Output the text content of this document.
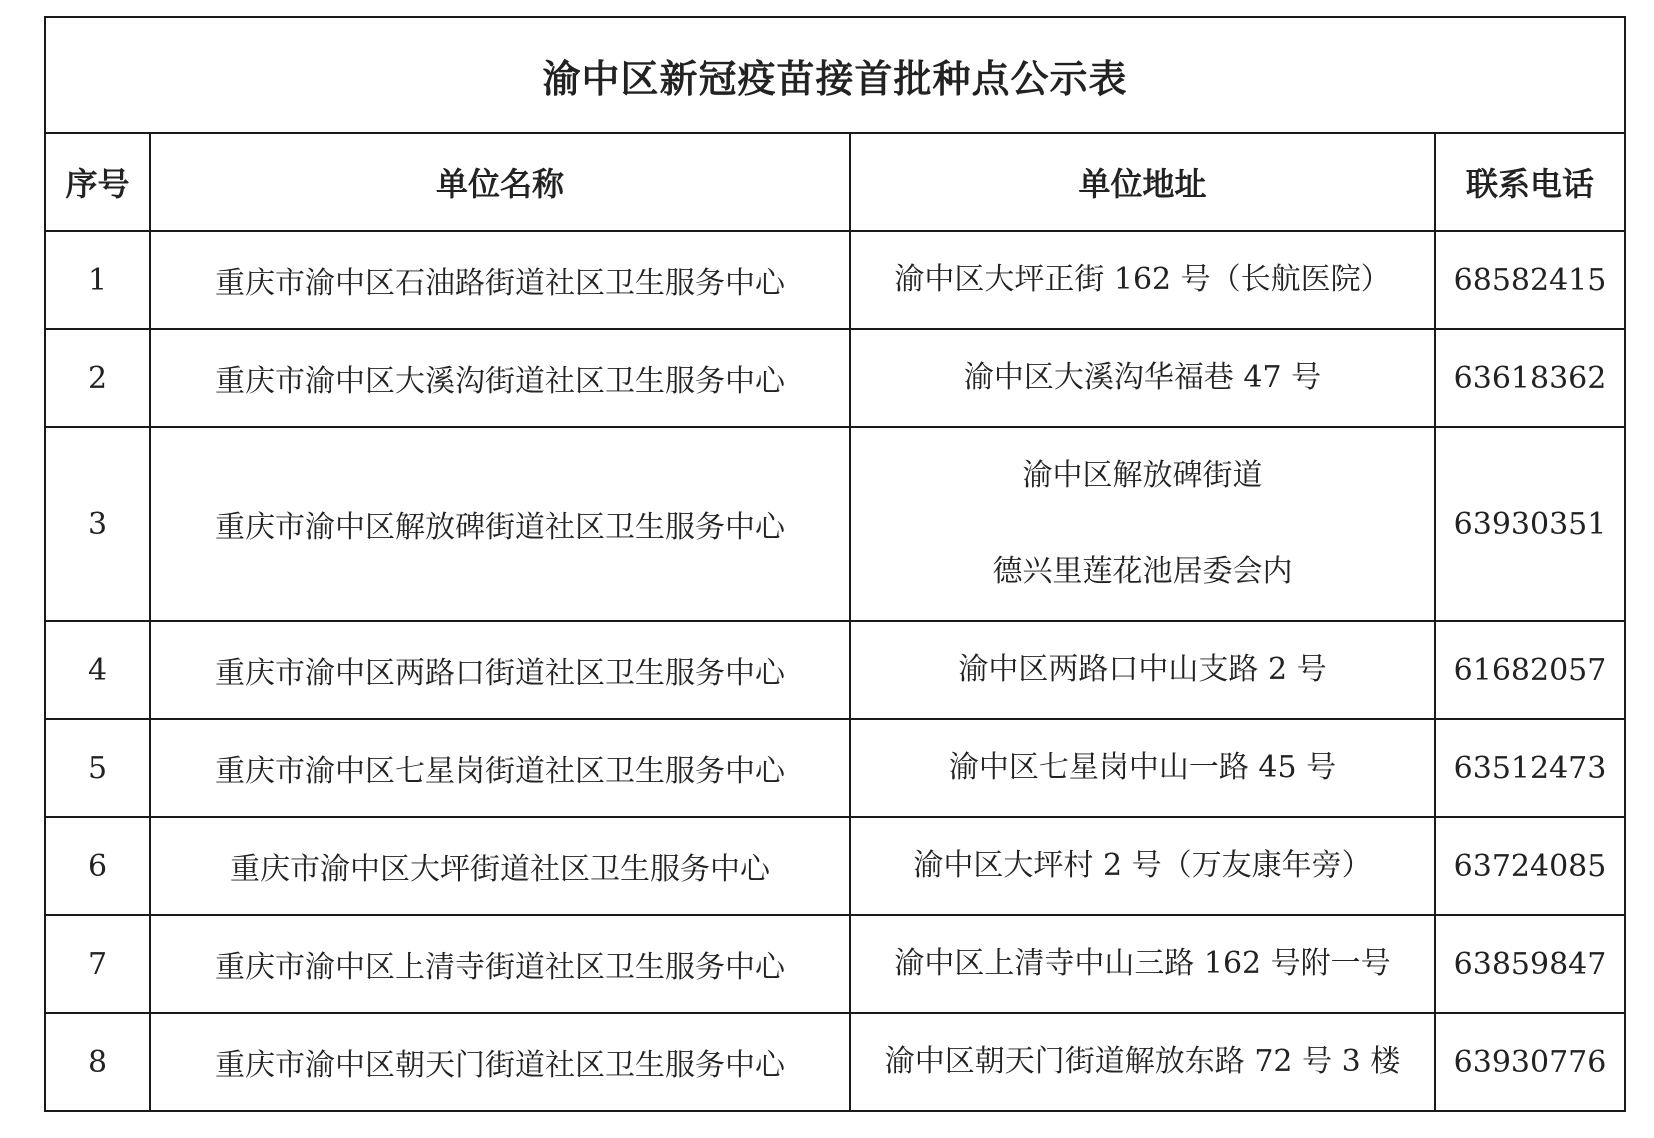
渝中区新冠疫苗接首批种点公示表			
序号	单位名称	单位地址	联系电话
1	重庆市渝中区石油路街道社区卫生服务中心	渝中区大坪正街 162 号（长航医院）	68582415
2	重庆市渝中区大溪沟街道社区卫生服务中心	渝中区大溪沟华福巷 47 号	63618362
3	重庆市渝中区解放碑街道社区卫生服务中心	渝中区解放碑街道
德兴里莲花池居委会内	63930351
4	重庆市渝中区两路口街道社区卫生服务中心	渝中区两路口中山支路 2 号	61682057
5	重庆市渝中区七星岗街道社区卫生服务中心	渝中区七星岗中山一路 45 号	63512473
6	重庆市渝中区大坪街道社区卫生服务中心	渝中区大坪村 2 号（万友康年旁）	63724085
7	重庆市渝中区上清寺街道社区卫生服务中心	渝中区上清寺中山三路 162 号附一号	63859847
8	重庆市渝中区朝天门街道社区卫生服务中心	渝中区朝天门街道解放东路 72 号 3 楼	63930776
